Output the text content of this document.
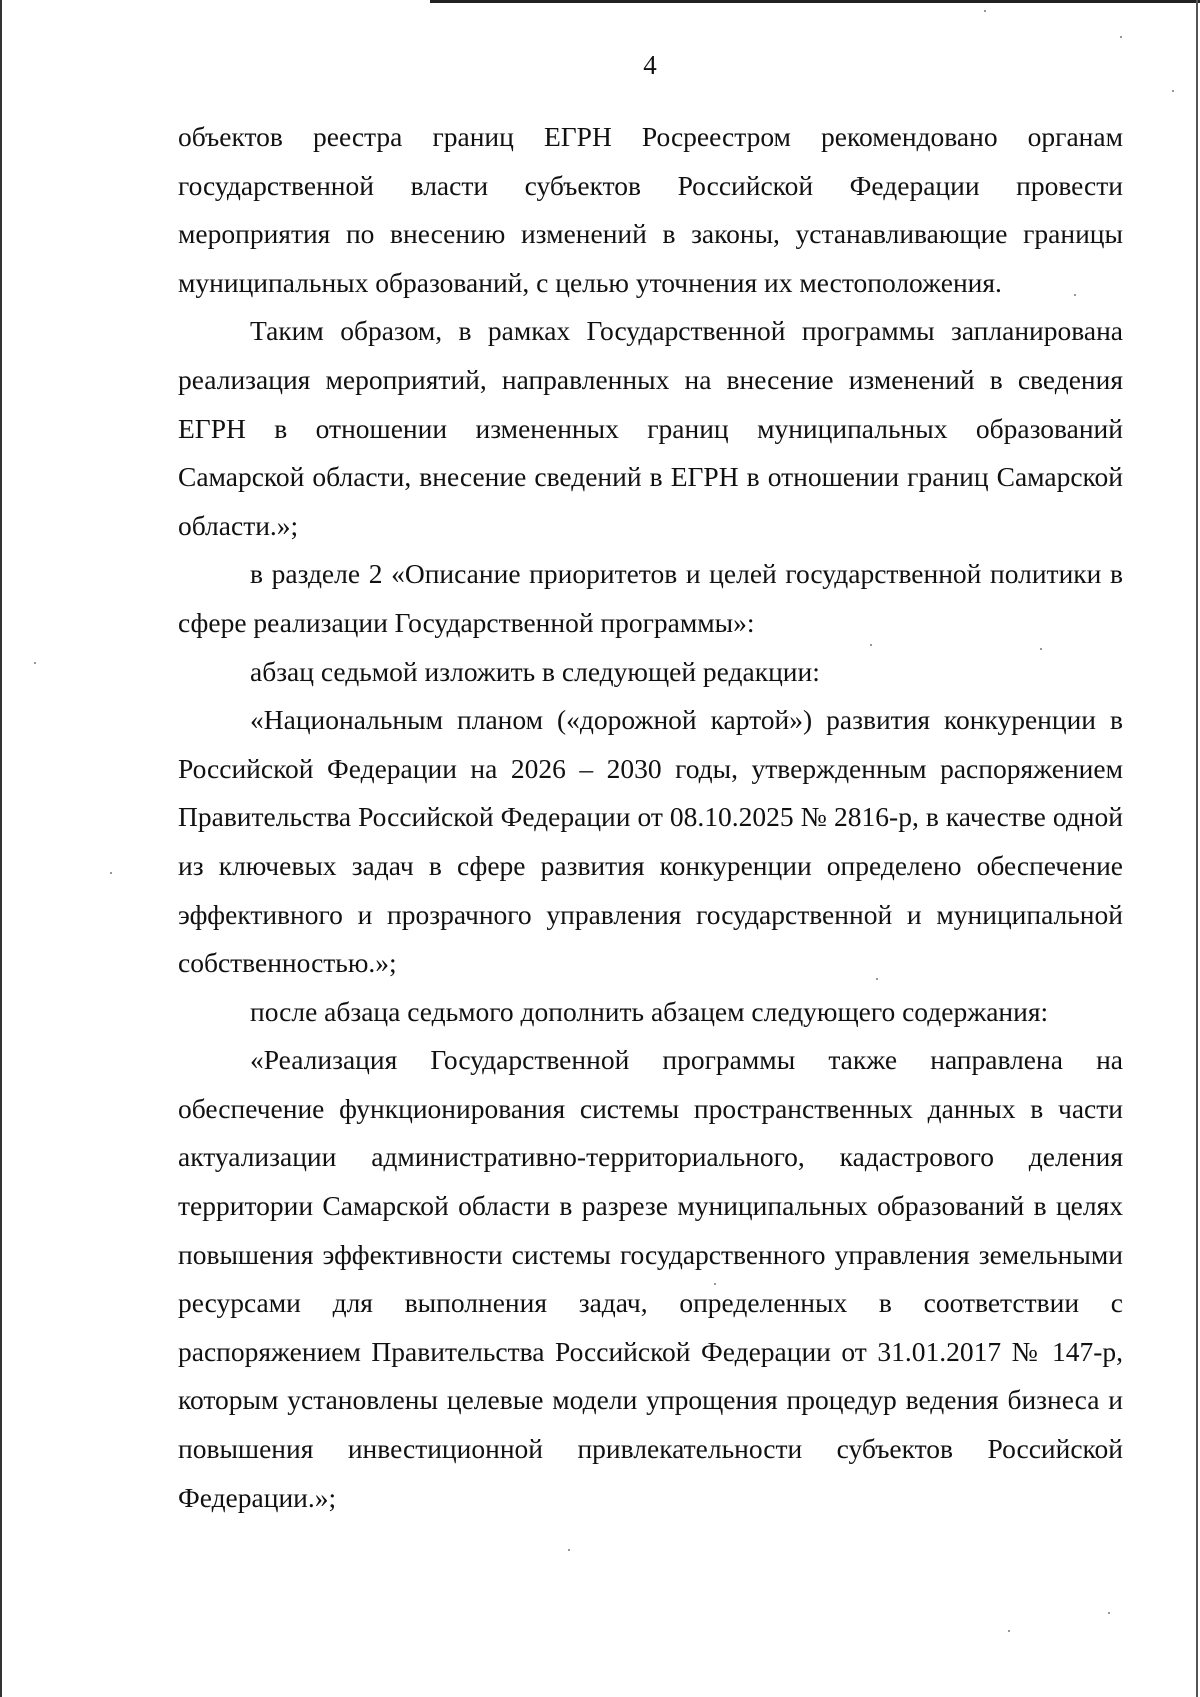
4

объектов реестра границ ЕГРН Росреестром рекомендовано органам государственной власти субъектов Российской Федерации провести мероприятия по внесению изменений в законы, устанавливающие границы муниципальных образований, с целью уточнения их местоположения.

Таким образом, в рамках Государственной программы запланирована реализация мероприятий, направленных на внесение изменений в сведения ЕГРН в отношении измененных границ муниципальных образований Самарской области, внесение сведений в ЕГРН в отношении границ Самарской области.»;

в разделе 2 «Описание приоритетов и целей государственной политики в сфере реализации Государственной программы»:

абзац седьмой изложить в следующей редакции:

«Национальным планом («дорожной картой») развития конкуренции в Российской Федерации на 2026 – 2030 годы, утвержденным распоряжением Правительства Российской Федерации от 08.10.2025 № 2816-р, в качестве одной из ключевых задач в сфере развития конкуренции определено обеспечение эффективного и прозрачного управления государственной и муниципальной собственностью.»;

после абзаца седьмого дополнить абзацем следующего содержания:

«Реализация Государственной программы также направлена на обеспечение функционирования системы пространственных данных в части актуализации административно-территориального, кадастрового деления территории Самарской области в разрезе муниципальных образований в целях повышения эффективности системы государственного управления земельными ресурсами для выполнения задач, определенных в соответствии с распоряжением Правительства Российской Федерации от 31.01.2017 № 147-р, которым установлены целевые модели упрощения процедур ведения бизнеса и повышения инвестиционной привлекательности субъектов Российской Федерации.»;
